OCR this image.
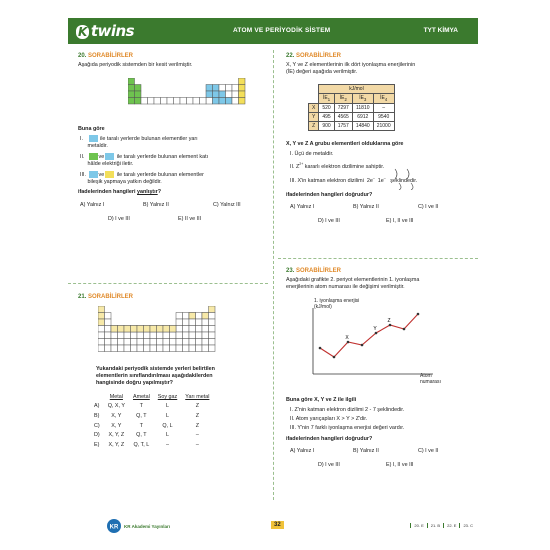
K twins	ATOM VE PERİYODİK SİSTEM	TYT KİMYA
20. SORABİLİRLER
Aşağıda periyodik sistemden bir kesit verilmiştir.
Buna göre
I.	ile taralı yerlerde bulunan elementler yarı
metaldir.
II.	ve ile taralı yerlerde bulunan element katı
hâlde elektriği iletir.
III. ve ile taralı yerlerde bulunan elementler
bileşik yapmaya yatkın değildir.
ifadelerinden hangileri yanlıştır?
A) Yalnız I	B) Yalnız II	C) Yalnız III
D) I ve III	E) II ve III
21. SORABİLİRLER
Yukarıdaki periyodik sistemde yerleri belirtilen
elementlerin sınıflandırılması aşağıdakilerden
hangisinde doğru yapılmıştır?
	Metal	Ametal	Soy gaz	Yarı metal
A)	Q, X, Y	T	L	Z
B)	X, Y	Q, T	L	Z
C)	X, Y	T	Q, L	Z
D)	X, Y, Z	Q, T	L	–
E)	X, Y, Z	Q, T, L	–	–
22. SORABİLİRLER
X, Y ve Z elementlerinin ilk dört iyonlaşma enerjilerinin
(İE) değeri aşağıda verilmiştir.
	kJ/mol			
	$İE_1$	$İE_2$	$İE_3$	$İE_4$
X	520	7297	11810	–
Y	495	4565	6912	9540
Z	900	1757	14840	21000
X, Y ve Z A grubu elementleri olduklarına göre
I. Üçü de metaldir.
II. $Z^{2+}$ kararlı elektron dizilimine sahiptir.
III. X'in katman elektron dizilimi 2e– 1e– şeklindedir.
ifadelerinden hangileri doğrudur?
A) Yalnız I	B) Yalnız II	C) I ve II
D) I ve III	E) I, II ve III
23. SORABİLİRLER
Aşağıdaki grafikte 2. periyot elementlerinin 1. iyonlaşma
enerjilerinin atom numarası ile değişimi verilmiştir.
1. iyonlaşma enerjisi
(kJ/mol)
Atom
numarası
X
Y
Z
Buna göre X, Y ve Z ile ilgili
I. Z'nin katman elektron dizilimi 2 - 7 şeklindedir.
II. Atom yarıçapları X > Y > Z'dir.
III. Y'nin 7 farklı iyonlaşma enerjisi değeri vardır.
ifadelerinden hangileri doğrudur?
A) Yalnız I	B) Yalnız II	C) I ve II
D) I ve III	E) I, II ve III
KR KR Akademi Yayınları	32	20. E 21. B 22. E 23. C
